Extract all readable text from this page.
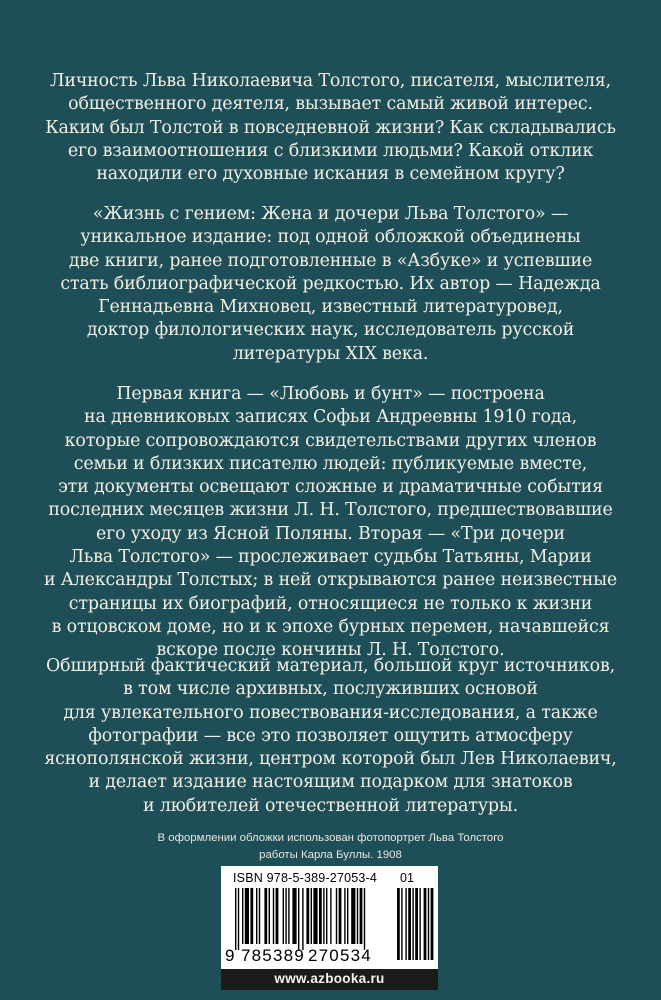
Личность Льва Николаевича Толстого, писателя, мыслителя,
общественного деятеля, вызывает самый живой интерес.
Каким был Толстой в повседневной жизни? Как складывались
его взаимоотношения с близкими людьми? Какой отклик
находили его духовные искания в семейном кругу?
«Жизнь с гением: Жена и дочери Льва Толстого» —
уникальное издание: под одной обложкой объединены
две книги, ранее подготовленные в «Азбуке» и успевшие
стать библиографической редкостью. Их автор — Надежда
Геннадьевна Михновец, известный литературовед,
доктор филологических наук, исследователь русской
литературы XIX века.
Первая книга — «Любовь и бунт» — построена
на дневниковых записях Софьи Андреевны 1910 года,
которые сопровождаются свидетельствами других членов
семьи и близких писателю людей: публикуемые вместе,
эти документы освещают сложные и драматичные события
последних месяцев жизни Л. Н. Толстого, предшествовавшие
его уходу из Ясной Поляны. Вторая — «Три дочери
Льва Толстого» — прослеживает судьбы Татьяны, Марии
и Александры Толстых; в ней открываются ранее неизвестные
страницы их биографий, относящиеся не только к жизни
в отцовском доме, но и к эпохе бурных перемен, начавшейся
вскоре после кончины Л. Н. Толстого.
Обширный фактический материал, большой круг источников,
в том числе архивных, послуживших основой
для увлекательного повествования-исследования, а также
фотографии — все это позволяет ощутить атмосферу
яснополянской жизни, центром которой был Лев Николаевич,
и делает издание настоящим подарком для знатоков
и любителей отечественной литературы.
В оформлении обложки использован фотопортрет Льва Толстого
работы Карла Буллы. 1908
ISBN 978-5-389-27053-4 01
9 785389 270534
www.azbooka.ru
